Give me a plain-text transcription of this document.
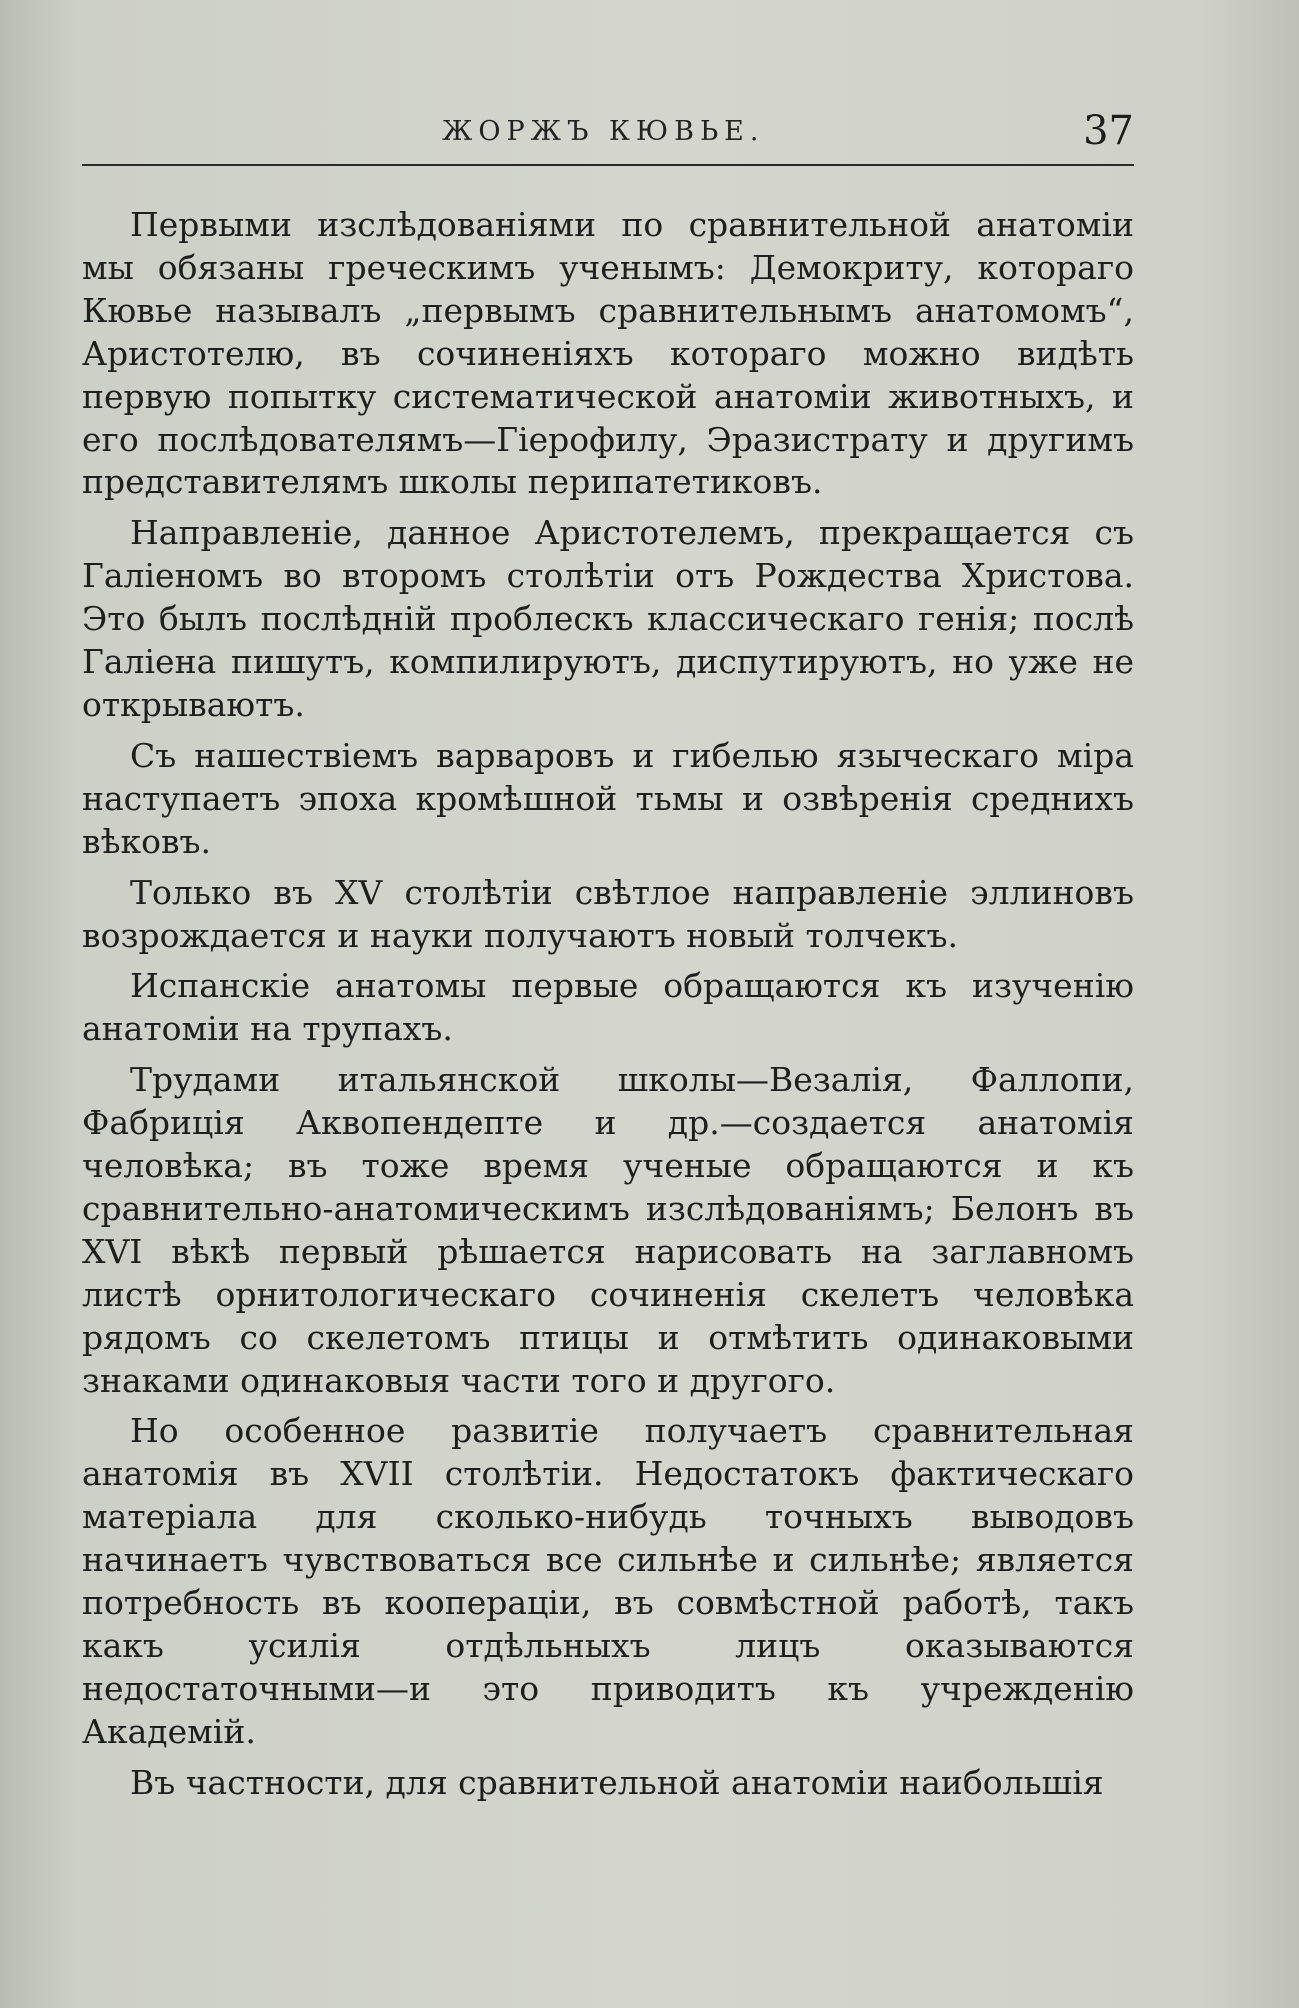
ЖОРЖЪ КЮВЬЕ.	37

Первыми изслѣдованіями по сравнительной анатоміи мы обязаны греческимъ ученымъ: Демокриту, котораго Кювье называлъ „первымъ сравнительнымъ анатомомъ“, Аристотелю, въ сочиненіяхъ котораго можно видѣть первую попытку систематической анатоміи животныхъ, и его послѣдователямъ—Гіерофилу, Эразистрату и другимъ представителямъ школы перипатетиковъ.

Направленіе, данное Аристотелемъ, прекращается съ Галіеномъ во второмъ столѣтіи отъ Рождества Христова. Это былъ послѣдній проблескъ классическаго генія; послѣ Галіена пишутъ, компилируютъ, диспутируютъ, но уже не открываютъ.

Съ нашествіемъ варваровъ и гибелью языческаго міра наступаетъ эпоха кромѣшной тьмы и озвѣренія среднихъ вѣковъ.

Только въ XV столѣтіи свѣтлое направленіе эллиновъ возрождается и науки получаютъ новый толчекъ.

Испанскіе анатомы первые обращаются къ изученію анатоміи на трупахъ.

Трудами итальянской школы—Везалія, Фаллопи, Фабриція Аквопендепте и др.—создается анатомія человѣка; въ тоже время ученые обращаются и къ сравнительно-анатомическимъ изслѣдованіямъ; Белонъ въ XVI вѣкѣ первый рѣшается нарисовать на заглавномъ листѣ орнитологическаго сочиненія скелетъ человѣка рядомъ со скелетомъ птицы и отмѣтить одинаковыми знаками одинаковыя части того и другого.

Но особенное развитіе получаетъ сравнительная анатомія въ XVII столѣтіи. Недостатокъ фактическаго матеріала для сколько-нибудь точныхъ выводовъ начинаетъ чувствоваться все сильнѣе и сильнѣе; является потребность въ кооперацiи, въ совмѣстной работѣ, такъ какъ усилія отдѣльныхъ лицъ оказываются недостаточными—и это приводитъ къ учрежденію Академій.

Въ частности, для сравнительной анатоміи наибольшія
